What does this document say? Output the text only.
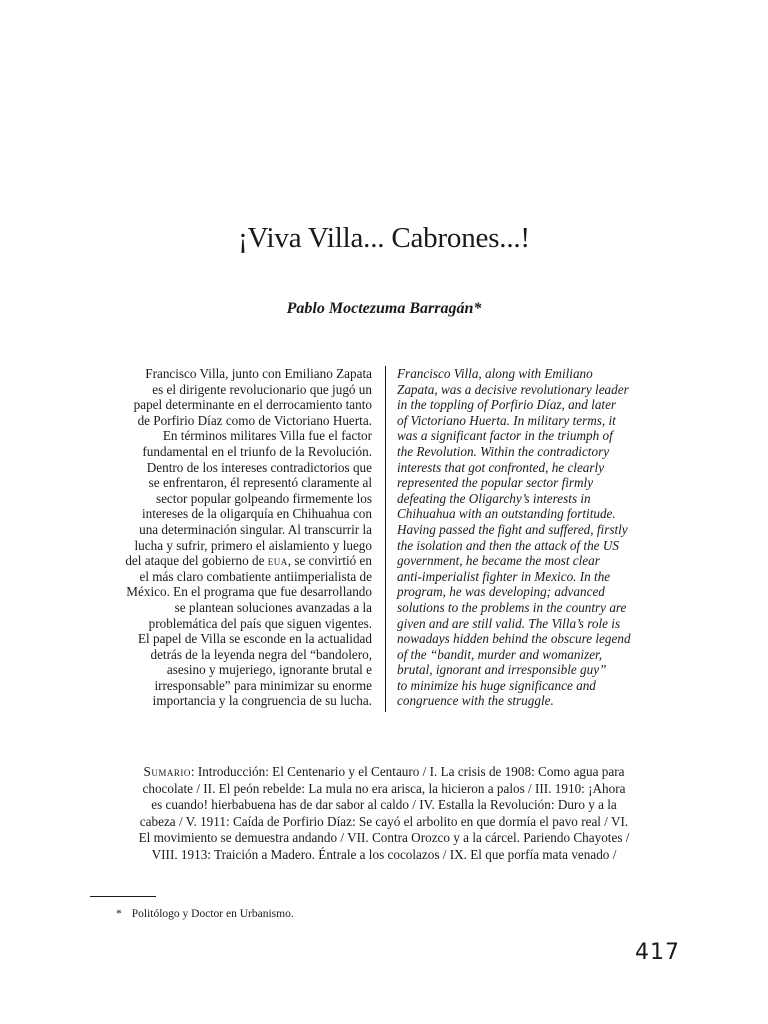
¡Viva Villa... Cabrones...!
Pablo Moctezuma Barragán*
Francisco Villa, junto con Emiliano Zapata
es el dirigente revolucionario que jugó un
papel determinante en el derrocamiento tanto
de Porfirio Díaz como de Victoriano Huerta.
En términos militares Villa fue el factor
fundamental en el triunfo de la Revolución.
Dentro de los intereses contradictorios que
se enfrentaron, él representó claramente al
sector popular golpeando firmemente los
intereses de la oligarquía en Chihuahua con
una determinación singular. Al transcurrir la
lucha y sufrir, primero el aislamiento y luego
del ataque del gobierno de eua, se convirtió en
el más claro combatiente antiimperialista de
México. En el programa que fue desarrollando
se plantean soluciones avanzadas a la
problemática del país que siguen vigentes.
El papel de Villa se esconde en la actualidad
detrás de la leyenda negra del “bandolero,
asesino y mujeriego, ignorante brutal e
irresponsable” para minimizar su enorme
importancia y la congruencia de su lucha.
Francisco Villa, along with Emiliano
Zapata, was a decisive revolutionary leader
in the toppling of Porfirio Díaz, and later
of Victoriano Huerta. In military terms, it
was a significant factor in the triumph of
the Revolution. Within the contradictory
interests that got confronted, he clearly
represented the popular sector firmly
defeating the Oligarchy’s interests in
Chihuahua with an outstanding fortitude.
Having passed the fight and suffered, firstly
the isolation and then the attack of the US
government, he became the most clear
anti-imperialist fighter in Mexico. In the
program, he was developing; advanced
solutions to the problems in the country are
given and are still valid. The Villa’s role is
nowadays hidden behind the obscure legend
of the “bandit, murder and womanizer,
brutal, ignorant and irresponsible guy”
to minimize his huge significance and
congruence with the struggle.
Sumario: Introducción: El Centenario y el Centauro / I. La crisis de 1908: Como agua para
chocolate / II. El peón rebelde: La mula no era arisca, la hicieron a palos / III. 1910: ¡Ahora
es cuando! hierbabuena has de dar sabor al caldo / IV. Estalla la Revolución: Duro y a la
cabeza / V. 1911: Caída de Porfirio Díaz: Se cayó el arbolito en que dormía el pavo real / VI.
El movimiento se demuestra andando / VII. Contra Orozco y a la cárcel. Pariendo Chayotes /
VIII. 1913: Traición a Madero. Éntrale a los cocolazos / IX. El que porfía mata venado /
* Politólogo y Doctor en Urbanismo.
417
